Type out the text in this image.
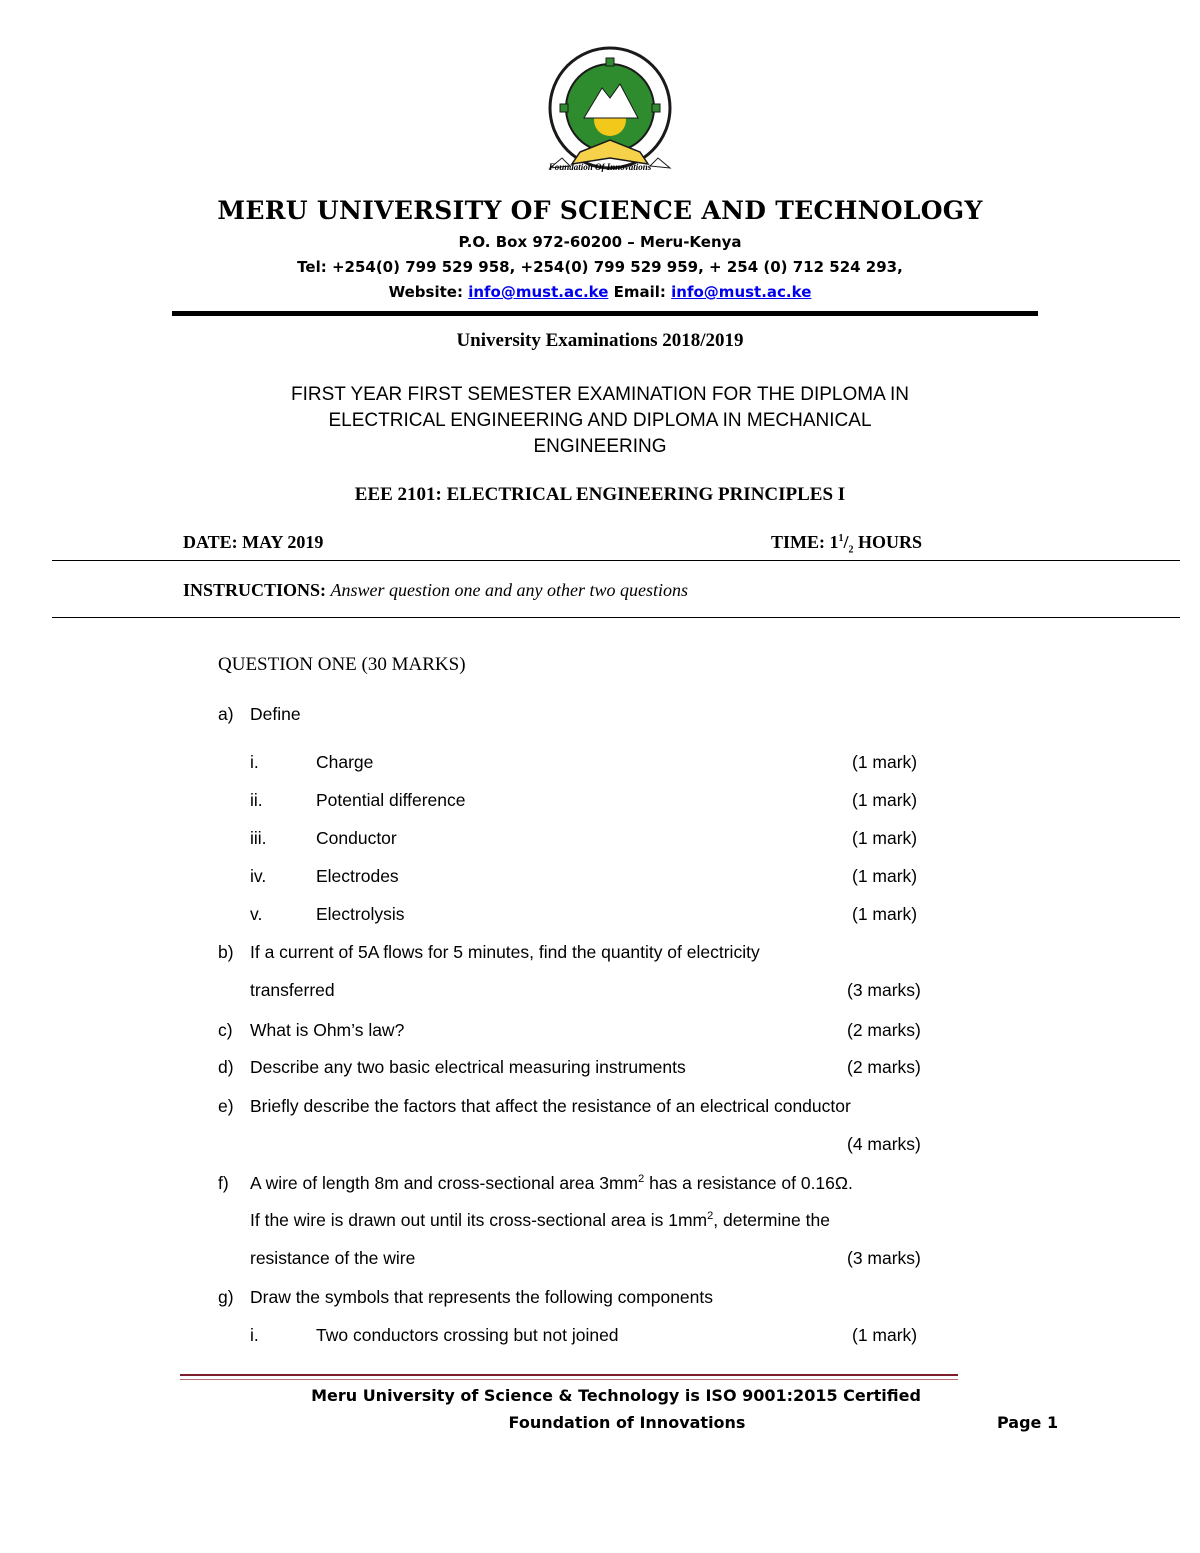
Foundation Of Innovations
MERU UNIVERSITY OF SCIENCE AND TECHNOLOGY
P.O. Box 972-60200 – Meru-Kenya
Tel: +254(0) 799 529 958, +254(0) 799 529 959, + 254 (0) 712 524 293,
Website: info@must.ac.ke Email: info@must.ac.ke
University Examinations 2018/2019
FIRST YEAR FIRST SEMESTER EXAMINATION FOR THE DIPLOMA IN
ELECTRICAL ENGINEERING AND DIPLOMA IN MECHANICAL
ENGINEERING
EEE 2101: ELECTRICAL ENGINEERING PRINCIPLES I
DATE: MAY 2019	TIME: $1^1/_2$ HOURS
INSTRUCTIONS: Answer question one and any other two questions
QUESTION ONE (30 MARKS)
a) Define
i.	Charge	(1 mark)
ii.	Potential difference	(1 mark)
iii.	Conductor	(1 mark)
iv.	Electrodes	(1 mark)
v.	Electrolysis	(1 mark)
b) If a current of 5A flows for 5 minutes, find the quantity of electricity
transferred	(3 marks)
c) What is Ohm’s law?	(2 marks)
d) Describe any two basic electrical measuring instruments	(2 marks)
e) Briefly describe the factors that affect the resistance of an electrical conductor
(4 marks)
f) A wire of length 8m and cross-sectional area $3mm^2$ has a resistance of 0.16Ω.
If the wire is drawn out until its cross-sectional area is $1mm^2$, determine the
resistance of the wire	(3 marks)
g) Draw the symbols that represents the following components
i.	Two conductors crossing but not joined	(1 mark)
Meru University of Science & Technology is ISO 9001:2015 Certified
Foundation of Innovations	Page 1
